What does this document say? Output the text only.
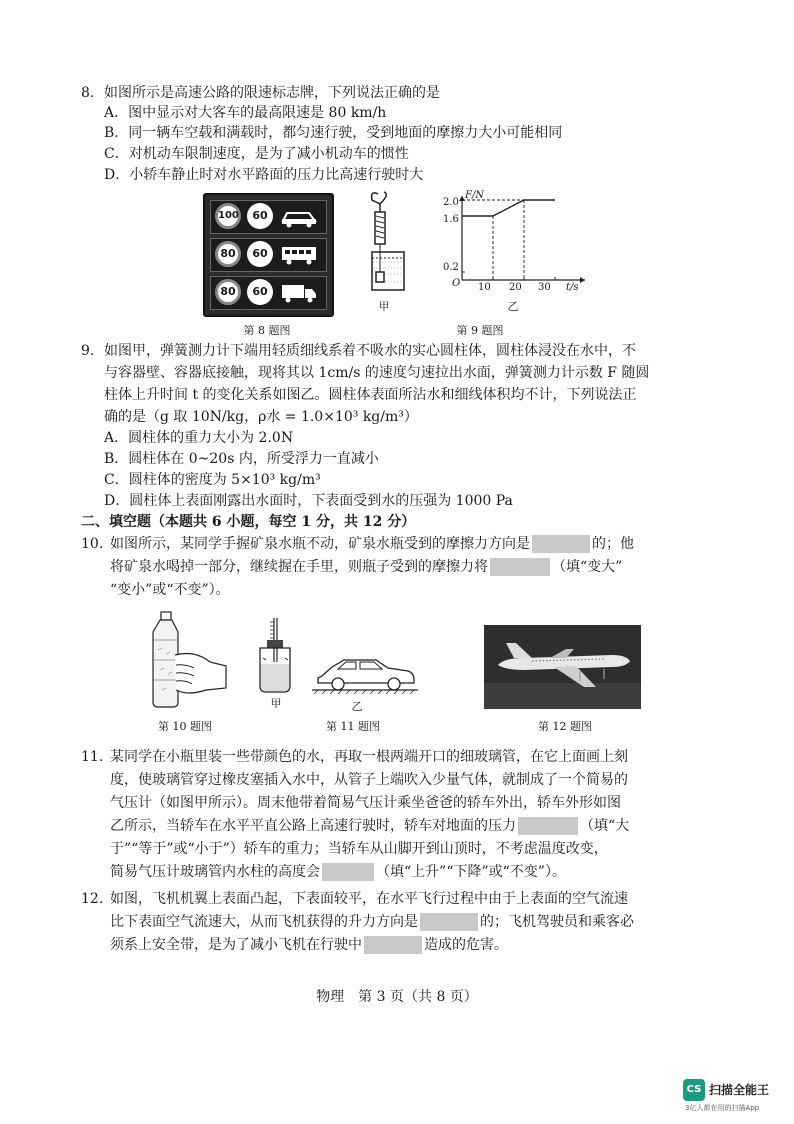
8. 如图所示是高速公路的限速标志牌，下列说法正确的是
A．图中显示对大客车的最高限速是 80 km/h
B．同一辆车空载和满载时，都匀速行驶，受到地面的摩擦力大小可能相同
C．对机动车限制速度，是为了减小机动车的惯性
D．小轿车静止时对水平路面的压力比高速行驶时大
100	60
80	60
80	60
第 8 题图
甲
F/N
t/s
O
2.0
1.6
0.2
10 20 30
乙
第 9 题图
9. 如图甲，弹簧测力计下端用轻质细线系着不吸水的实心圆柱体，圆柱体浸没在水中，不
与容器壁、容器底接触，现将其以 1cm/s 的速度匀速拉出水面，弹簧测力计示数 F 随圆
柱体上升时间 t 的变化关系如图乙。圆柱体表面所沾水和细线体积均不计，下列说法正
确的是（g 取 10N/kg，ρ水 = 1.0×10³ kg/m³）
A．圆柱体的重力大小为 2.0N
B．圆柱体在 0~20s 内，所受浮力一直减小
C．圆柱体的密度为 5×10³ kg/m³
D．圆柱体上表面刚露出水面时，下表面受到水的压强为 1000 Pa
二、填空题（本题共 6 小题，每空 1 分，共 12 分）
10. 如图所示，某同学手握矿泉水瓶不动，矿泉水瓶受到的摩擦力方向是	的；他
将矿泉水喝掉一部分，继续握在手里，则瓶子受到的摩擦力将	（填“变大”
“变小”或“不变”）。
第 10 题图
甲	乙
第 11 题图	第 12 题图
11. 某同学在小瓶里装一些带颜色的水，再取一根两端开口的细玻璃管，在它上面画上刻
度，使玻璃管穿过橡皮塞插入水中，从管子上端吹入少量气体，就制成了一个简易的
气压计（如图甲所示）。周末他带着简易气压计乘坐爸爸的轿车外出，轿车外形如图
乙所示，当轿车在水平平直公路上高速行驶时，轿车对地面的压力	（填“大
于”“等于”或“小于”）轿车的重力；当轿车从山脚开到山顶时，不考虑温度改变，
简易气压计玻璃管内水柱的高度会	（填“上升”“下降”或“不变”）。
12. 如图，飞机机翼上表面凸起，下表面较平，在水平飞行过程中由于上表面的空气流速
比下表面空气流速大，从而飞机获得的升力方向是	的；飞机驾驶员和乘客必
须系上安全带，是为了减小飞机在行驶中	造成的危害。
物理　第 3 页（共 8 页）
CS 扫描全能王
3亿人都在用的扫描App
